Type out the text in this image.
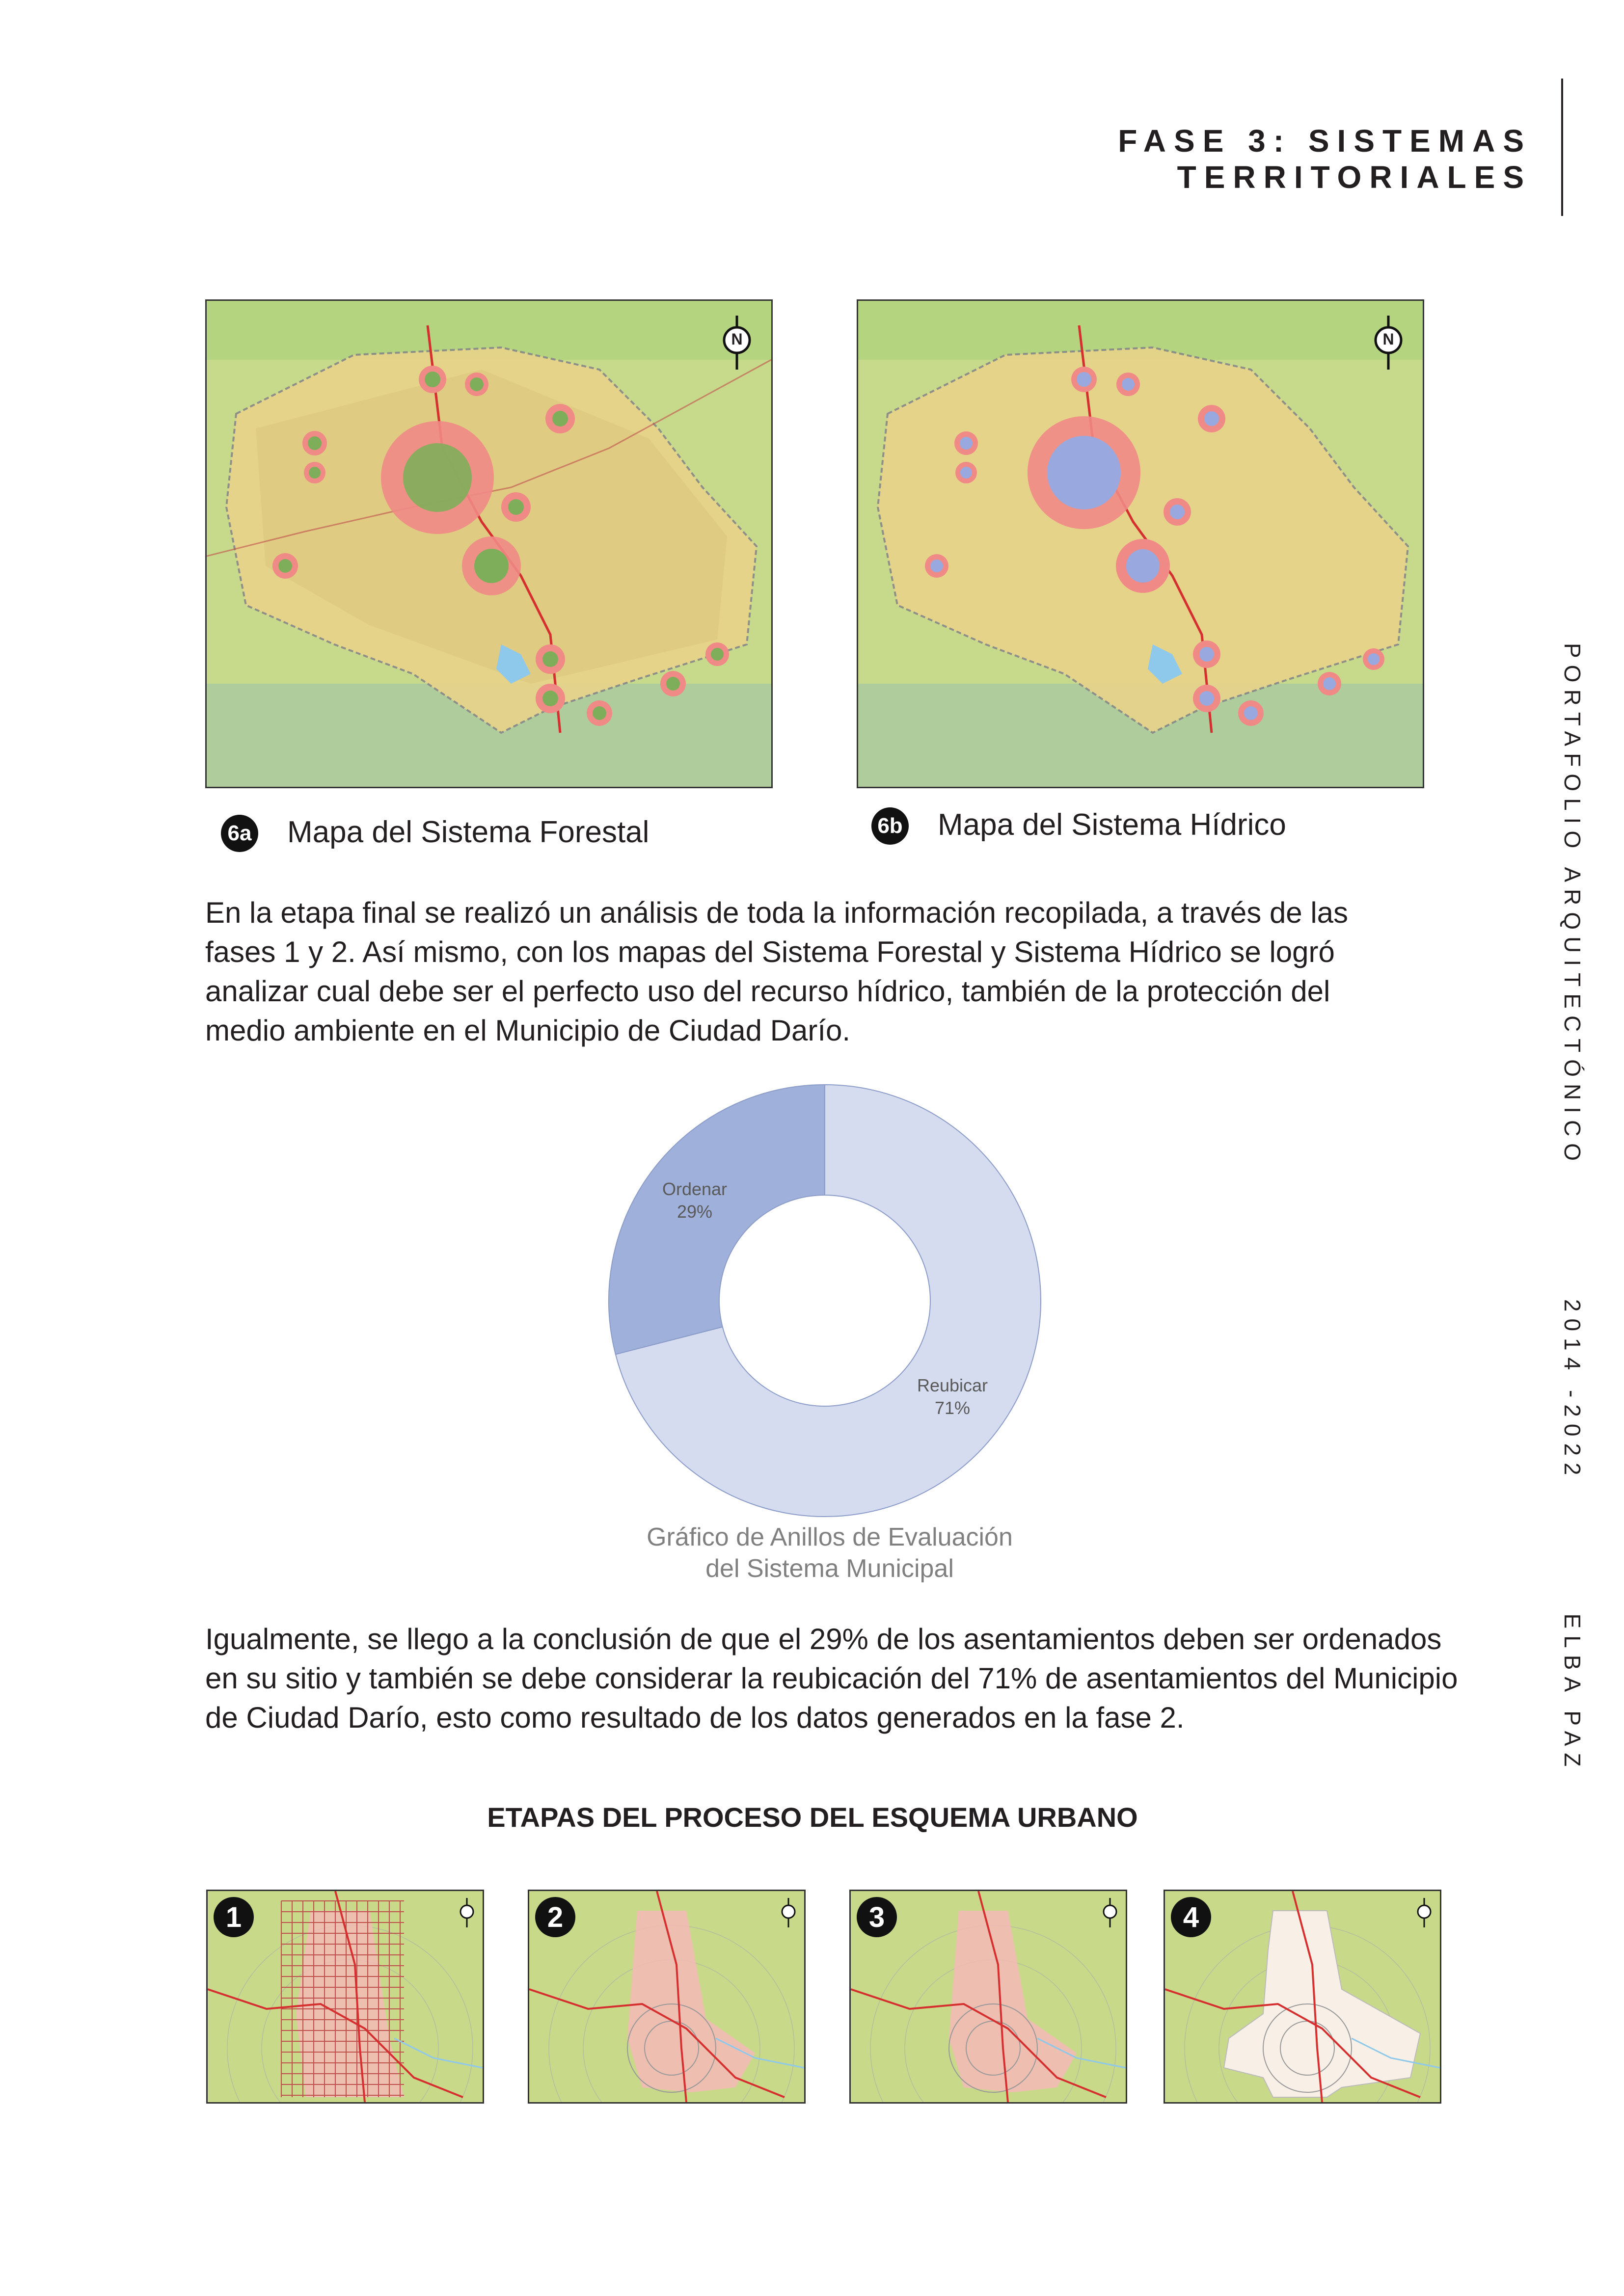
FASE 3: SISTEMAS TERRITORIALES
PORTAFOLIO ARQUITECTÓNICO          2014 -2022          ELBA PAZ
N
6a Mapa del Sistema Forestal
N
6b Mapa del Sistema Hídrico
En la etapa final se realizó un análisis de toda la información recopilada, a través de las fases 1 y 2. Así mismo, con los mapas del Sistema Forestal y Sistema Hídrico se logró analizar cual debe ser el perfecto uso del recurso hídrico, también de la protección del medio ambiente en el Municipio de Ciudad Darío.
Ordenar
29%
Reubicar
71%
Gráfico de Anillos de Evaluación
del Sistema Municipal
Igualmente, se llego a la conclusión de que el 29% de los asentamientos deben ser ordenados en su sitio y también se debe considerar la reubicación del 71% de asentamientos del Municipio de Ciudad Darío, esto como resultado de los datos generados en la fase 2.
ETAPAS DEL PROCESO DEL ESQUEMA URBANO
1	2	3	4
